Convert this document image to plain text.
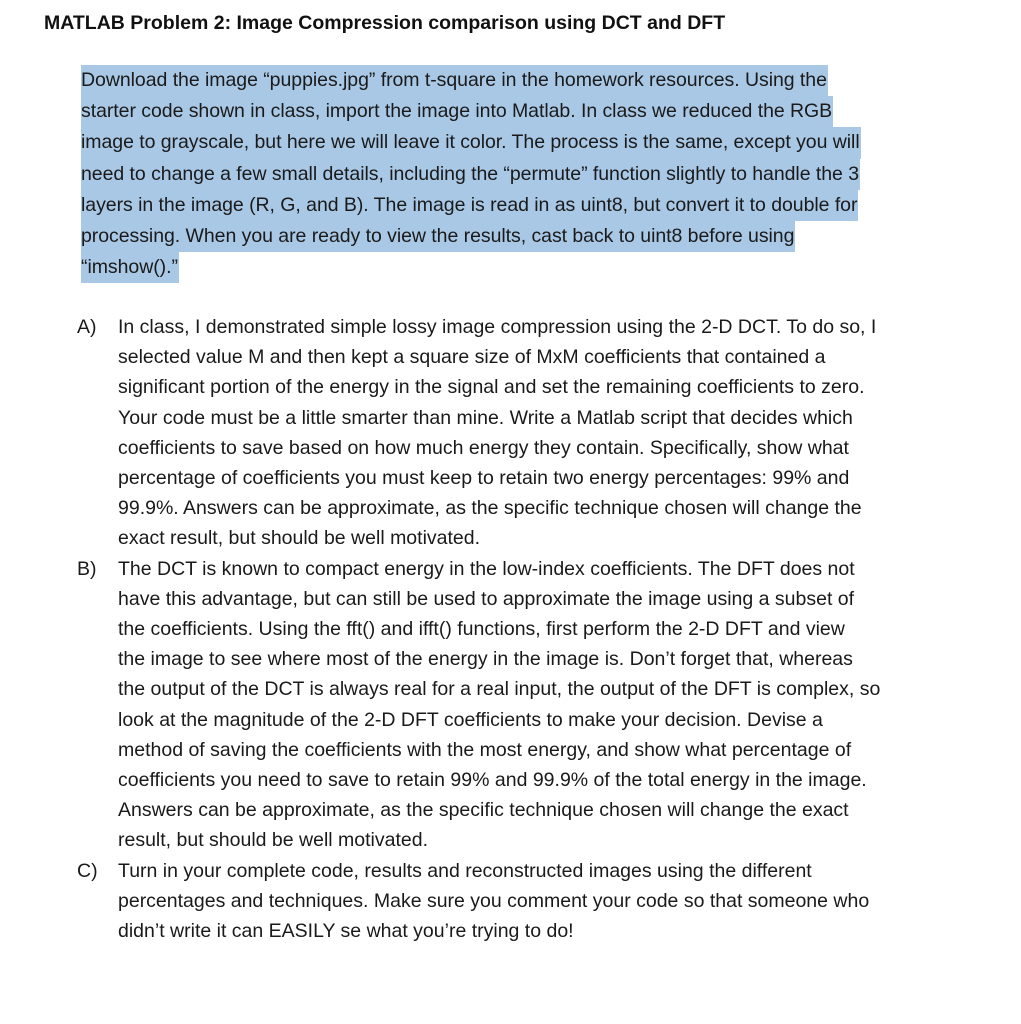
MATLAB Problem 2: Image Compression comparison using DCT and DFT

Download the image “puppies.jpg” from t-square in the homework resources. Using the
starter code shown in class, import the image into Matlab. In class we reduced the RGB
image to grayscale, but here we will leave it color. The process is the same, except you will
need to change a few small details, including the “permute” function slightly to handle the 3
layers in the image (R, G, and B). The image is read in as uint8, but convert it to double for
processing. When you are ready to view the results, cast back to uint8 before using
“imshow().”

A) In class, I demonstrated simple lossy image compression using the 2-D DCT. To do so, I
selected value M and then kept a square size of MxM coefficients that contained a
significant portion of the energy in the signal and set the remaining coefficients to zero.
Your code must be a little smarter than mine. Write a Matlab script that decides which
coefficients to save based on how much energy they contain. Specifically, show what
percentage of coefficients you must keep to retain two energy percentages: 99% and
99.9%. Answers can be approximate, as the specific technique chosen will change the
exact result, but should be well motivated.
B) The DCT is known to compact energy in the low-index coefficients. The DFT does not
have this advantage, but can still be used to approximate the image using a subset of
the coefficients. Using the fft() and ifft() functions, first perform the 2-D DFT and view
the image to see where most of the energy in the image is. Don’t forget that, whereas
the output of the DCT is always real for a real input, the output of the DFT is complex, so
look at the magnitude of the 2-D DFT coefficients to make your decision. Devise a
method of saving the coefficients with the most energy, and show what percentage of
coefficients you need to save to retain 99% and 99.9% of the total energy in the image.
Answers can be approximate, as the specific technique chosen will change the exact
result, but should be well motivated.
C) Turn in your complete code, results and reconstructed images using the different
percentages and techniques. Make sure you comment your code so that someone who
didn’t write it can EASILY se what you’re trying to do!
